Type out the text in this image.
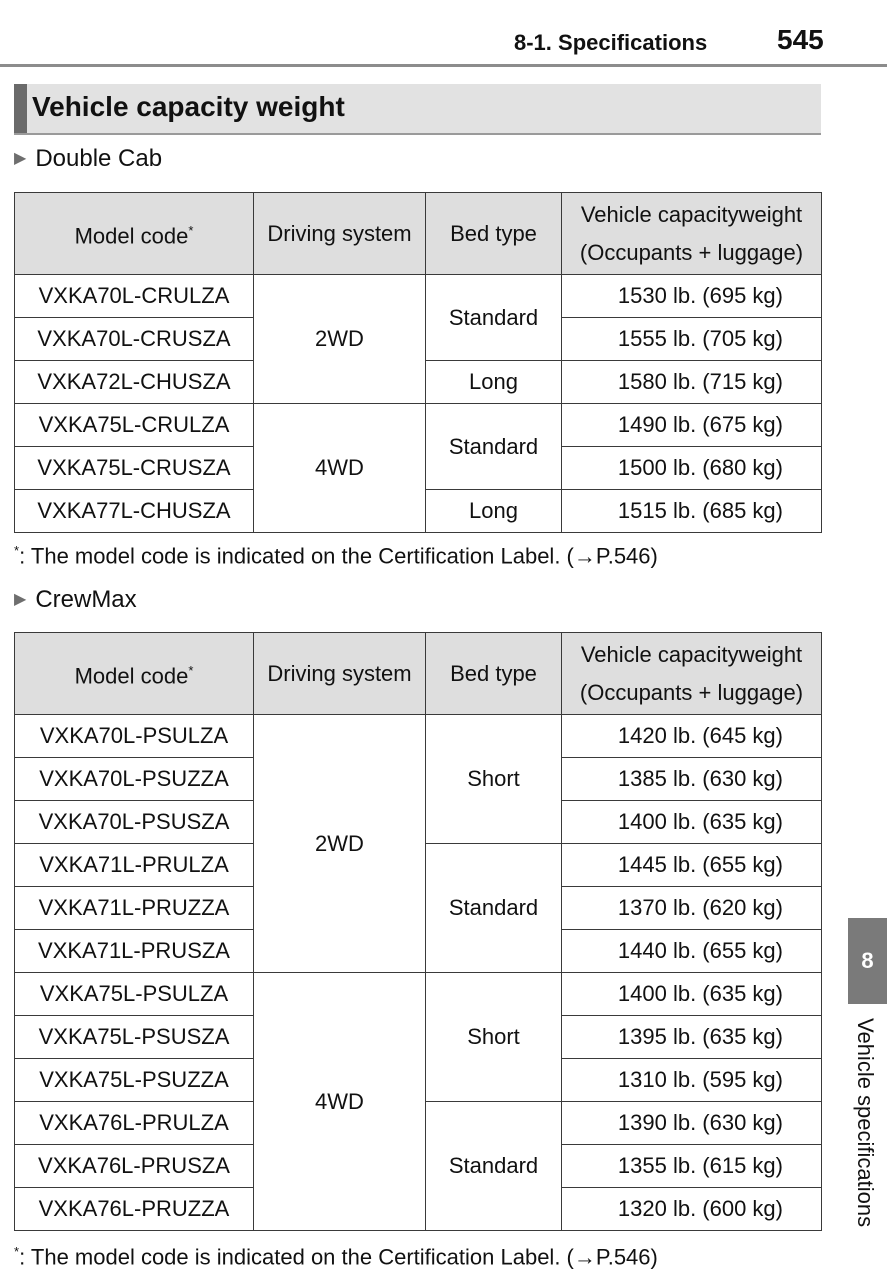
8-1. Specifications 545
Vehicle capacity weight
▶ Double Cab
Model code*	Driving system	Bed type	Vehicle capacityweight
(Occupants + luggage)
VXKA70L-CRULZA	2WD	Standard	1530 lb. (695 kg)
VXKA70L-CRUSZA			1555 lb. (705 kg)
VXKA72L-CHUSZA		Long	1580 lb. (715 kg)
VXKA75L-CRULZA	4WD	Standard	1490 lb. (675 kg)
VXKA75L-CRUSZA			1500 lb. (680 kg)
VXKA77L-CHUSZA		Long	1515 lb. (685 kg)
*: The model code is indicated on the Certification Label. (→P.546)
▶ CrewMax
Model code*	Driving system	Bed type	Vehicle capacityweight
(Occupants + luggage)
VXKA70L-PSULZA	2WD	Short	1420 lb. (645 kg)
VXKA70L-PSUZZA			1385 lb. (630 kg)
VXKA70L-PSUSZA			1400 lb. (635 kg)
VXKA71L-PRULZA		Standard	1445 lb. (655 kg)
VXKA71L-PRUZZA			1370 lb. (620 kg)
VXKA71L-PRUSZA			1440 lb. (655 kg)
VXKA75L-PSULZA	4WD	Short	1400 lb. (635 kg)
VXKA75L-PSUSZA			1395 lb. (635 kg)
VXKA75L-PSUZZA			1310 lb. (595 kg)
VXKA76L-PRULZA		Standard	1390 lb. (630 kg)
VXKA76L-PRUSZA			1355 lb. (615 kg)
VXKA76L-PRUZZA			1320 lb. (600 kg)
*: The model code is indicated on the Certification Label. (→P.546)
8
Vehicle specifications
